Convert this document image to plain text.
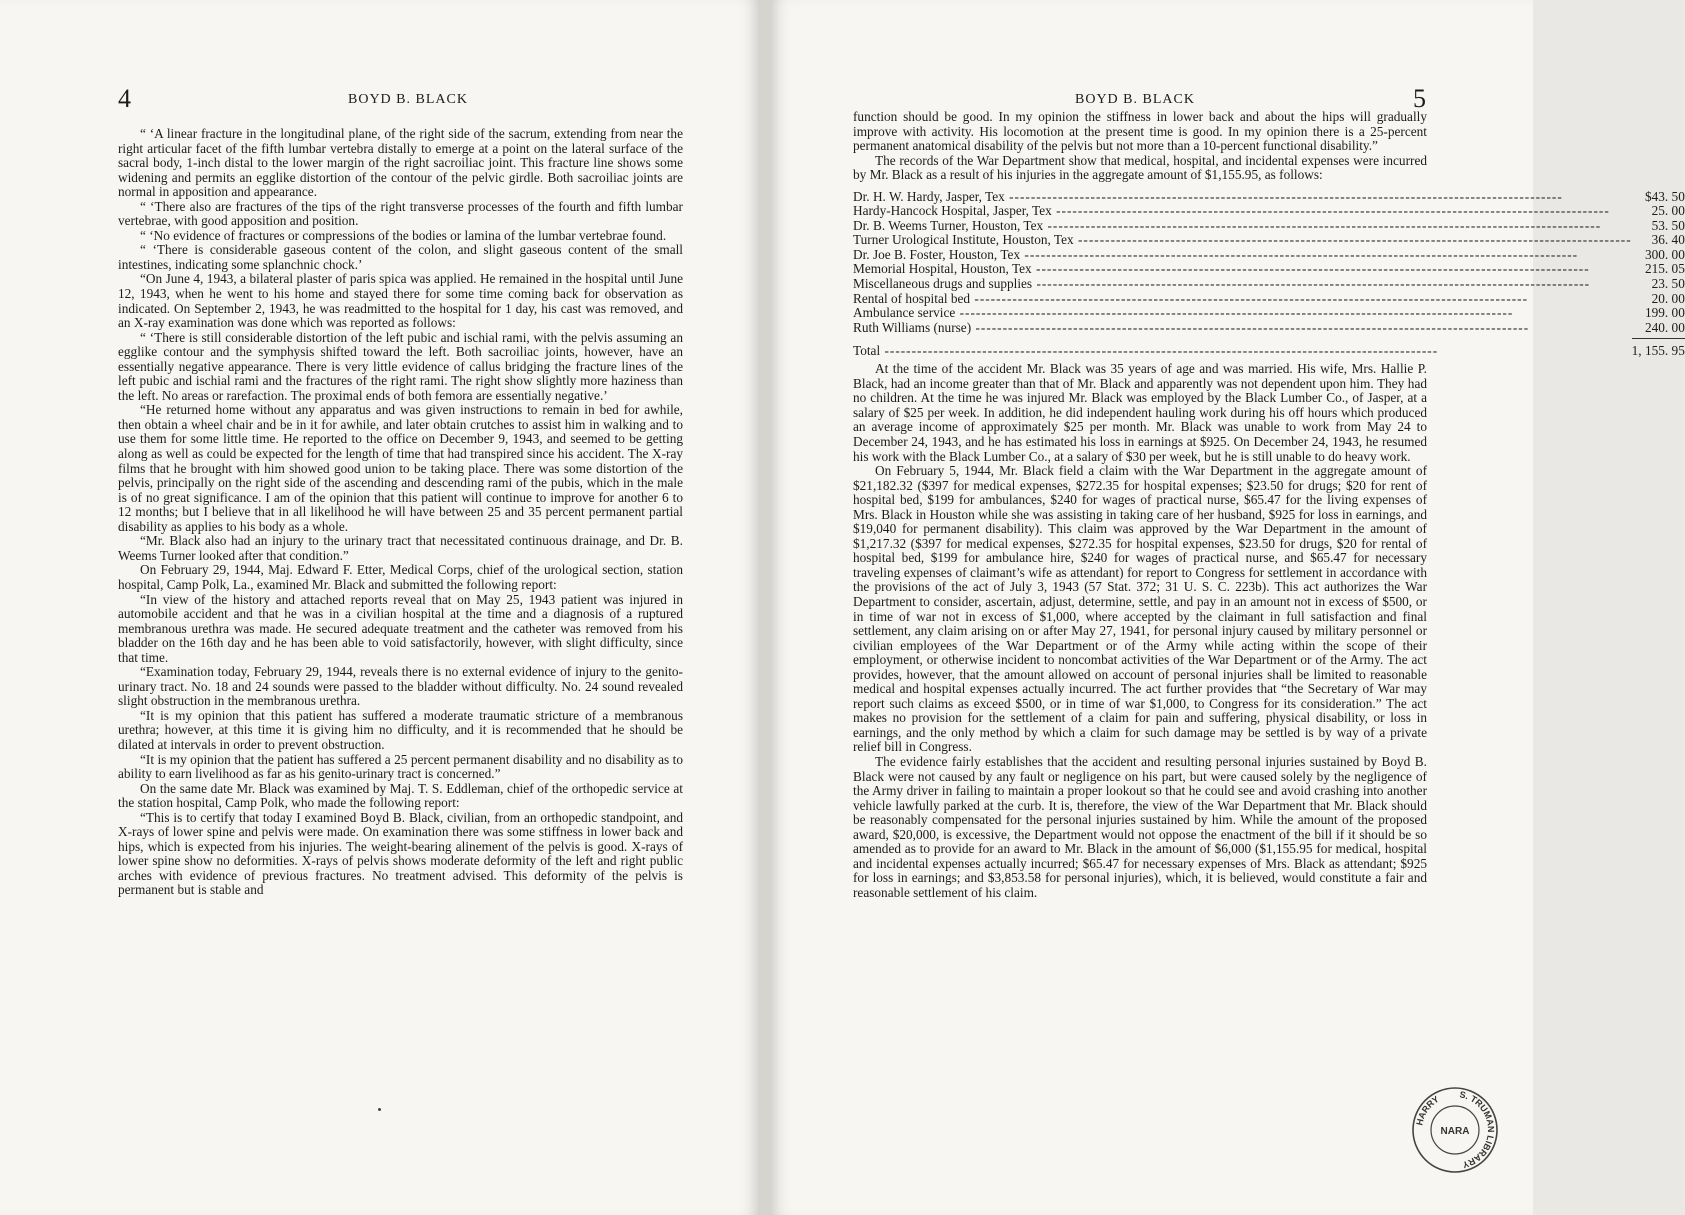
4	BOYD B. BLACK	BOYD B. BLACK	5

“ ‘A linear fracture in the longitudinal plane, of the right side of the sacrum, extending from near the right articular facet of the fifth lumbar vertebra distally to emerge at a point on the lateral surface of the sacral body, 1-inch distal to the lower margin of the right sacroiliac joint. This fracture line shows some widening and permits an egglike distortion of the contour of the pelvic girdle. Both sacroiliac joints are normal in apposition and appearance.

“ ‘There also are fractures of the tips of the right transverse processes of the fourth and fifth lumbar vertebrae, with good apposition and position.

“ ‘No evidence of fractures or compressions of the bodies or lamina of the lumbar vertebrae found.

“ ‘There is considerable gaseous content of the colon, and slight gaseous content of the small intestines, indicating some splanchnic chock.’

“On June 4, 1943, a bilateral plaster of paris spica was applied. He remained in the hospital until June 12, 1943, when he went to his home and stayed there for some time coming back for observation as indicated. On September 2, 1943, he was readmitted to the hospital for 1 day, his cast was removed, and an X-ray examination was done which was reported as follows:

“ ‘There is still considerable distortion of the left pubic and ischial rami, with the pelvis assuming an egglike contour and the symphysis shifted toward the left. Both sacroiliac joints, however, have an essentially negative appearance. There is very little evidence of callus bridging the fracture lines of the left pubic and ischial rami and the fractures of the right rami. The right show slightly more haziness than the left. No areas or rarefaction. The proximal ends of both femora are essentially negative.’

“He returned home without any apparatus and was given instructions to remain in bed for awhile, then obtain a wheel chair and be in it for awhile, and later obtain crutches to assist him in walking and to use them for some little time. He reported to the office on December 9, 1943, and seemed to be getting along as well as could be expected for the length of time that had transpired since his accident. The X-ray films that he brought with him showed good union to be taking place. There was some distortion of the pelvis, principally on the right side of the ascending and descending rami of the pubis, which in the male is of no great significance. I am of the opinion that this patient will continue to improve for another 6 to 12 months; but I believe that in all likelihood he will have between 25 and 35 percent permanent partial disability as applies to his body as a whole.

“Mr. Black also had an injury to the urinary tract that necessitated continuous drainage, and Dr. B. Weems Turner looked after that condition.”

On February 29, 1944, Maj. Edward F. Etter, Medical Corps, chief of the urological section, station hospital, Camp Polk, La., examined Mr. Black and submitted the following report:

“In view of the history and attached reports reveal that on May 25, 1943 patient was injured in automobile accident and that he was in a civilian hospital at the time and a diagnosis of a ruptured membranous urethra was made. He secured adequate treatment and the catheter was removed from his bladder on the 16th day and he has been able to void satisfactorily, however, with slight difficulty, since that time.

“Examination today, February 29, 1944, reveals there is no external evidence of injury to the genito-urinary tract. No. 18 and 24 sounds were passed to the bladder without difficulty. No. 24 sound revealed slight obstruction in the membranous urethra.

“It is my opinion that this patient has suffered a moderate traumatic stricture of a membranous urethra; however, at this time it is giving him no difficulty, and it is recommended that he should be dilated at intervals in order to prevent obstruction.

“It is my opinion that the patient has suffered a 25 percent permanent disability and no disability as to ability to earn livelihood as far as his genito-urinary tract is concerned.”

On the same date Mr. Black was examined by Maj. T. S. Eddleman, chief of the orthopedic service at the station hospital, Camp Polk, who made the following report:

“This is to certify that today I examined Boyd B. Black, civilian, from an orthopedic standpoint, and X-rays of lower spine and pelvis were made. On examination there was some stiffness in lower back and hips, which is expected from his injuries. The weight-bearing alinement of the pelvis is good. X-rays of lower spine show no deformities. X-rays of pelvis shows moderate deformity of the left and right public arches with evidence of previous fractures. No treatment advised. This deformity of the pelvis is permanent but is stable and

function should be good. In my opinion the stiffness in lower back and about the hips will gradually improve with activity. His locomotion at the present time is good. In my opinion there is a 25-percent permanent anatomical disability of the pelvis but not more than a 10-percent functional disability.”

The records of the War Department show that medical, hospital, and incidental expenses were incurred by Mr. Black as a result of his injuries in the aggregate amount of $1,155.95, as follows:

Dr. H. W. Hardy, Jasper, Tex -----	$43. 50
Hardy-Hancock Hospital, Jasper, Tex -----	25. 00
Dr. B. Weems Turner, Houston, Tex -----	53. 50
Turner Urological Institute, Houston, Tex -----	36. 40
Dr. Joe B. Foster, Houston, Tex -----	300. 00
Memorial Hospital, Houston, Tex -----	215. 05
Miscellaneous drugs and supplies -----	23. 50
Rental of hospital bed -----	20. 00
Ambulance service -----	199. 00
Ruth Williams (nurse) -----	240. 00

Total -----	1, 155. 95

At the time of the accident Mr. Black was 35 years of age and was married. His wife, Mrs. Hallie P. Black, had an income greater than that of Mr. Black and apparently was not dependent upon him. They had no children. At the time he was injured Mr. Black was employed by the Black Lumber Co., of Jasper, at a salary of $25 per week. In addition, he did independent hauling work during his off hours which produced an average income of approximately $25 per month. Mr. Black was unable to work from May 24 to December 24, 1943, and he has estimated his loss in earnings at $925. On December 24, 1943, he resumed his work with the Black Lumber Co., at a salary of $30 per week, but he is still unable to do heavy work.

On February 5, 1944, Mr. Black field a claim with the War Department in the aggregate amount of $21,182.32 ($397 for medical expenses, $272.35 for hospital expenses; $23.50 for drugs; $20 for rent of hospital bed, $199 for ambulances, $240 for wages of practical nurse, $65.47 for the living expenses of Mrs. Black in Houston while she was assisting in taking care of her husband, $925 for loss in earnings, and $19,040 for permanent disability). This claim was approved by the War Department in the amount of $1,217.32 ($397 for medical expenses, $272.35 for hospital expenses, $23.50 for drugs, $20 for rental of hospital bed, $199 for ambulance hire, $240 for wages of practical nurse, and $65.47 for necessary traveling expenses of claimant’s wife as attendant) for report to Congress for settlement in accordance with the provisions of the act of July 3, 1943 (57 Stat. 372; 31 U. S. C. 223b). This act authorizes the War Department to consider, ascertain, adjust, determine, settle, and pay in an amount not in excess of $500, or in time of war not in excess of $1,000, where accepted by the claimant in full satisfaction and final settlement, any claim arising on or after May 27, 1941, for personal injury caused by military personnel or civilian employees of the War Department or of the Army while acting within the scope of their employment, or otherwise incident to noncombat activities of the War Department or of the Army. The act provides, however, that the amount allowed on account of personal injuries shall be limited to reasonable medical and hospital expenses actually incurred. The act further provides that “the Secretary of War may report such claims as exceed $500, or in time of war $1,000, to Congress for its consideration.” The act makes no provision for the settlement of a claim for pain and suffering, physical disability, or loss in earnings, and the only method by which a claim for such damage may be settled is by way of a private relief bill in Congress.

The evidence fairly establishes that the accident and resulting personal injuries sustained by Boyd B. Black were not caused by any fault or negligence on his part, but were caused solely by the negligence of the Army driver in failing to maintain a proper lookout so that he could see and avoid crashing into another vehicle lawfully parked at the curb. It is, therefore, the view of the War Department that Mr. Black should be reasonably compensated for the personal injuries sustained by him. While the amount of the proposed award, $20,000, is excessive, the Department would not oppose the enactment of the bill if it should be so amended as to provide for an award to Mr. Black in the amount of $6,000 ($1,155.95 for medical, hospital and incidental expenses actually incurred; $65.47 for necessary expenses of Mrs. Black as attendant; $925 for loss in earnings; and $3,853.58 for personal injuries), which, it is believed, would constitute a fair and reasonable settlement of his claim.

HARRY S. TRUMAN LIBRARY
NARA
